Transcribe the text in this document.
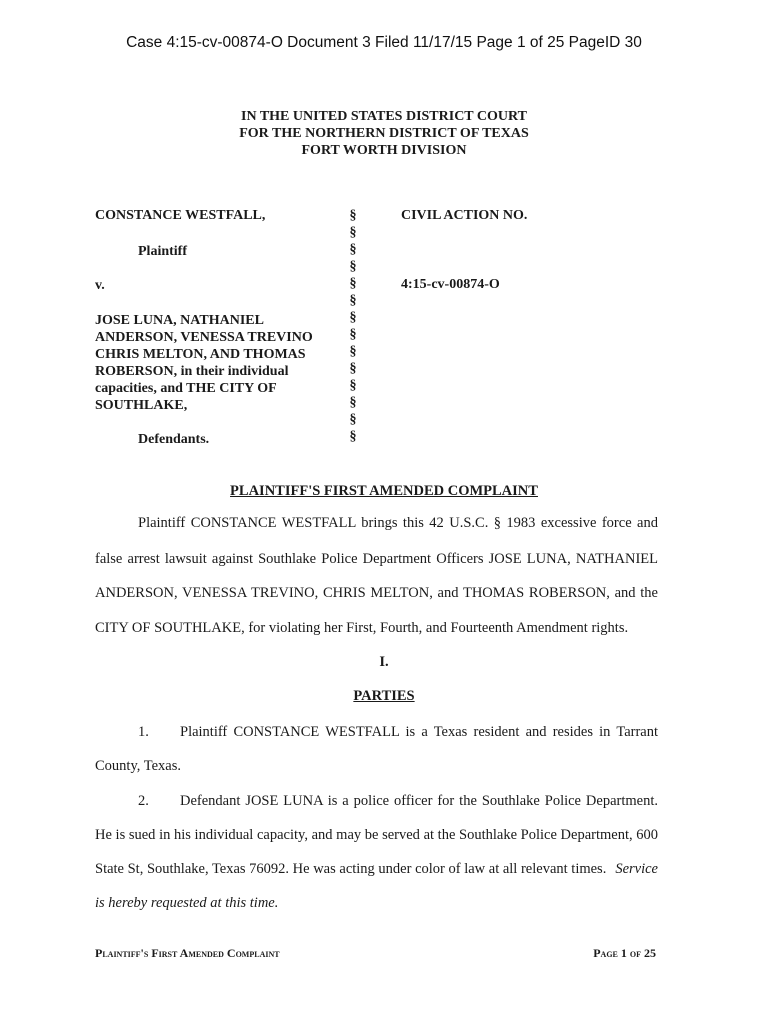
Case 4:15-cv-00874-O Document 3 Filed 11/17/15 Page 1 of 25 PageID 30
IN THE UNITED STATES DISTRICT COURT
FOR THE NORTHERN DISTRICT OF TEXAS
FORT WORTH DIVISION
CONSTANCE WESTFALL,
Plaintiff
v.
JOSE LUNA, NATHANIEL
ANDERSON, VENESSA TREVINO
CHRIS MELTON, AND THOMAS
ROBERSON, in their individual
capacities, and THE CITY OF
SOUTHLAKE,
Defendants.
§
§
§
§
§
§
§
§
§
§
§
§
§
§
CIVIL ACTION NO.
4:15-cv-00874-O
PLAINTIFF'S FIRST AMENDED COMPLAINT
Plaintiff CONSTANCE WESTFALL brings this 42 U.S.C. § 1983 excessive force and
false arrest lawsuit against Southlake Police Department Officers JOSE LUNA, NATHANIEL
ANDERSON, VENESSA TREVINO, CHRIS MELTON, and THOMAS ROBERSON, and the
CITY OF SOUTHLAKE, for violating her First, Fourth, and Fourteenth Amendment rights.
I.
PARTIES
1. Plaintiff CONSTANCE WESTFALL is a Texas resident and resides in Tarrant
County, Texas.
2. Defendant JOSE LUNA is a police officer for the Southlake Police Department.
He is sued in his individual capacity, and may be served at the Southlake Police Department, 600
State St, Southlake, Texas 76092. He was acting under color of law at all relevant times. Service
is hereby requested at this time.
Plaintiff's First Amended Complaint	Page 1 of 25
